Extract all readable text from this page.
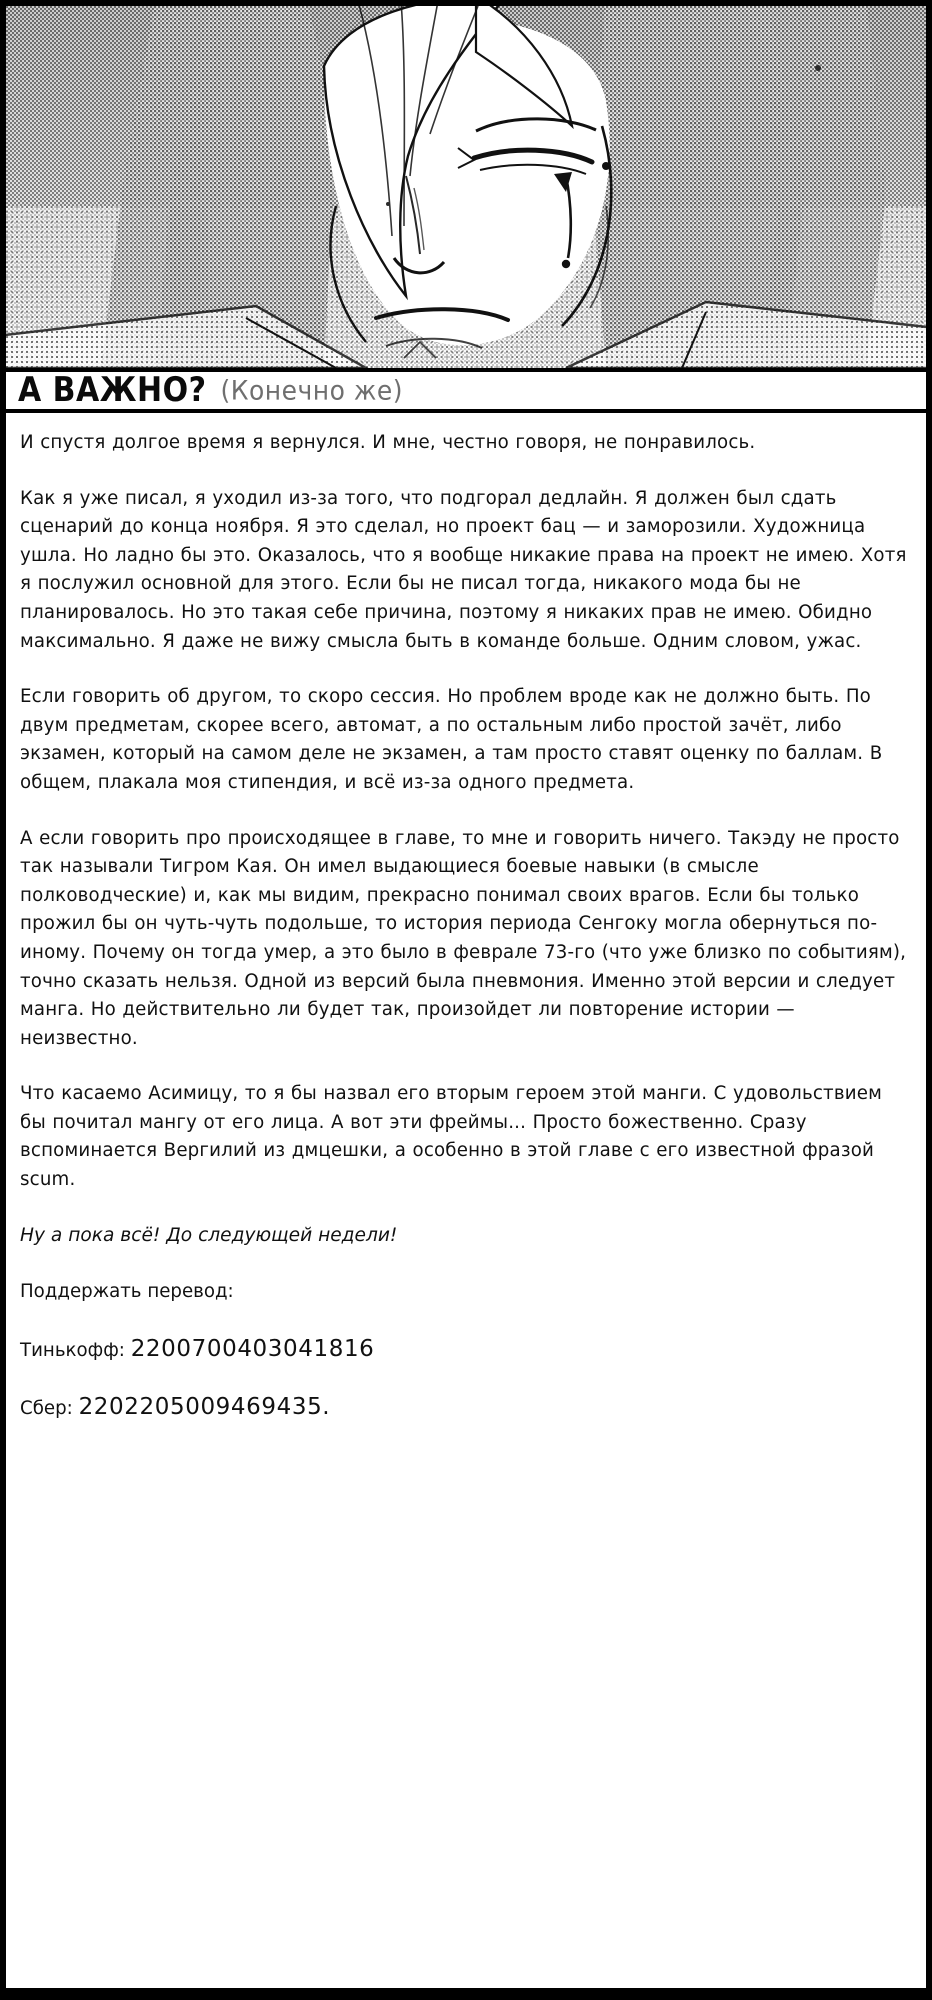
А ВАЖНО? (Конечно же)

И спустя долгое время я вернулся. И мне, честно говоря, не понравилось.

Как я уже писал, я уходил из-за того, что подгорал дедлайн. Я должен был сдать сценарий до конца ноября. Я это сделал, но проект бац — и заморозили. Художница ушла. Но ладно бы это. Оказалось, что я вообще никакие права на проект не имею. Хотя я послужил основной для этого. Если бы не писал тогда, никакого мода бы не планировалось. Но это такая себе причина, поэтому я никаких прав не имею. Обидно максимально. Я даже не вижу смысла быть в команде больше. Одним словом, ужас.

Если говорить об другом, то скоро сессия. Но проблем вроде как не должно быть. По двум предметам, скорее всего, автомат, а по остальным либо простой зачёт, либо экзамен, который на самом деле не экзамен, а там просто ставят оценку по баллам. В общем, плакала моя стипендия, и всё из-за одного предмета.

А если говорить про происходящее в главе, то мне и говорить ничего. Такэду не просто так называли Тигром Кая. Он имел выдающиеся боевые навыки (в смысле полководческие) и, как мы видим, прекрасно понимал своих врагов. Если бы только прожил бы он чуть-чуть подольше, то история периода Сенгоку могла обернуться по-иному. Почему он тогда умер, а это было в феврале 73-го (что уже близко по событиям), точно сказать нельзя. Одной из версий была пневмония. Именно этой версии и следует манга. Но действительно ли будет так, произойдет ли повторение истории — неизвестно.

Что касаемо Асимицу, то я бы назвал его вторым героем этой манги. С удовольствием бы почитал мангу от его лица. А вот эти фреймы... Просто божественно. Сразу вспоминается Вергилий из дмцешки, а особенно в этой главе с его известной фразой scum.

Ну а пока всё! До следующей недели!

Поддержать перевод:

Тинькофф: 2200700403041816

Сбер: 2202205009469435.
